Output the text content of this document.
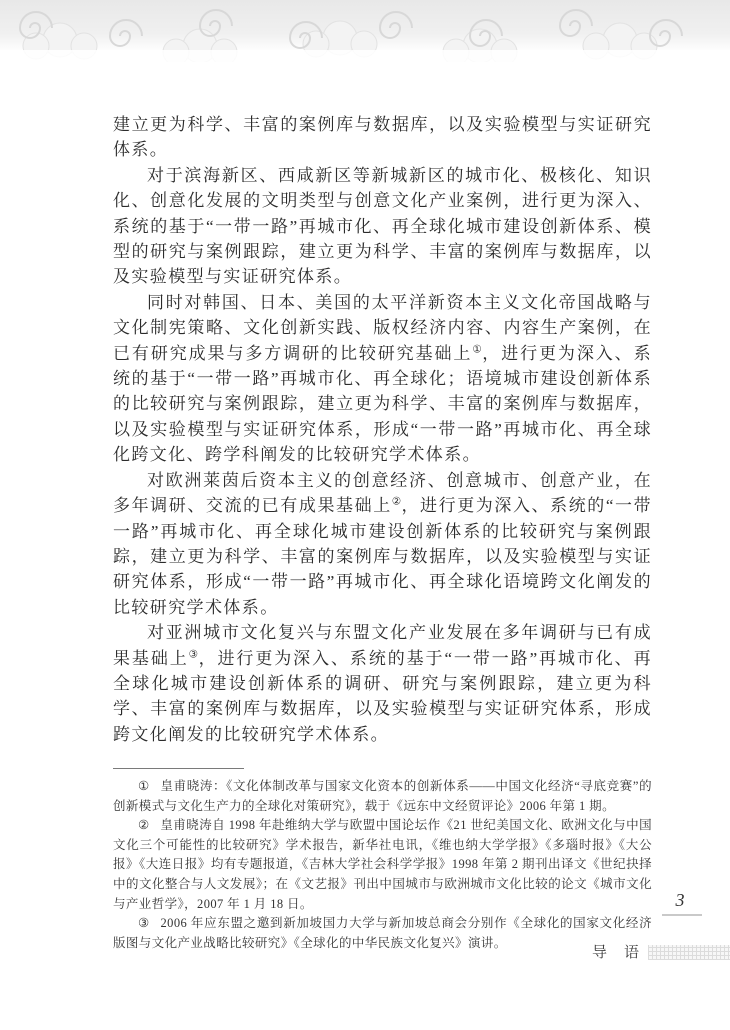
建立更为科学、丰富的案例库与数据库，以及实验模型与实证研究体系。

对于滨海新区、西咸新区等新城新区的城市化、极核化、知识化、创意化发展的文明类型与创意文化产业案例，进行更为深入、系统的基于“一带一路”再城市化、再全球化城市建设创新体系、模型的研究与案例跟踪，建立更为科学、丰富的案例库与数据库，以及实验模型与实证研究体系。

同时对韩国、日本、美国的太平洋新资本主义文化帝国战略与文化制宪策略、文化创新实践、版权经济内容、内容生产案例，在已有研究成果与多方调研的比较研究基础上①，进行更为深入、系统的基于“一带一路”再城市化、再全球化；语境城市建设创新体系的比较研究与案例跟踪，建立更为科学、丰富的案例库与数据库，以及实验模型与实证研究体系，形成“一带一路”再城市化、再全球化跨文化、跨学科阐发的比较研究学术体系。

对欧洲莱茵后资本主义的创意经济、创意城市、创意产业，在多年调研、交流的已有成果基础上②，进行更为深入、系统的“一带一路”再城市化、再全球化城市建设创新体系的比较研究与案例跟踪，建立更为科学、丰富的案例库与数据库，以及实验模型与实证研究体系，形成“一带一路”再城市化、再全球化语境跨文化阐发的比较研究学术体系。

对亚洲城市文化复兴与东盟文化产业发展在多年调研与已有成果基础上③，进行更为深入、系统的基于“一带一路”再城市化、再全球化城市建设创新体系的调研、研究与案例跟踪，建立更为科学、丰富的案例库与数据库，以及实验模型与实证研究体系，形成跨文化阐发的比较研究学术体系。

① 皇甫晓涛：《文化体制改革与国家文化资本的创新体系——中国文化经济“寻底竞赛”的创新模式与文化生产力的全球化对策研究》，载于《远东中文经贸评论》2006 年第 1 期。

② 皇甫晓涛自 1998 年赴维纳大学与欧盟中国论坛作《21 世纪美国文化、欧洲文化与中国文化三个可能性的比较研究》学术报告，新华社电讯，《维也纳大学学报》《多瑙时报》《大公报》《大连日报》均有专题报道，《吉林大学社会科学学报》1998 年第 2 期刊出译文《世纪抉择中的文化整合与人文发展》；在《文艺报》刊出中国城市与欧洲城市文化比较的论文《城市文化与产业哲学》，2007 年 1 月 18 日。

③ 2006 年应东盟之邀到新加坡国力大学与新加坡总商会分别作《全球化的国家文化经济版图与文化产业战略比较研究》《全球化的中华民族文化复兴》演讲。

3
导　语
